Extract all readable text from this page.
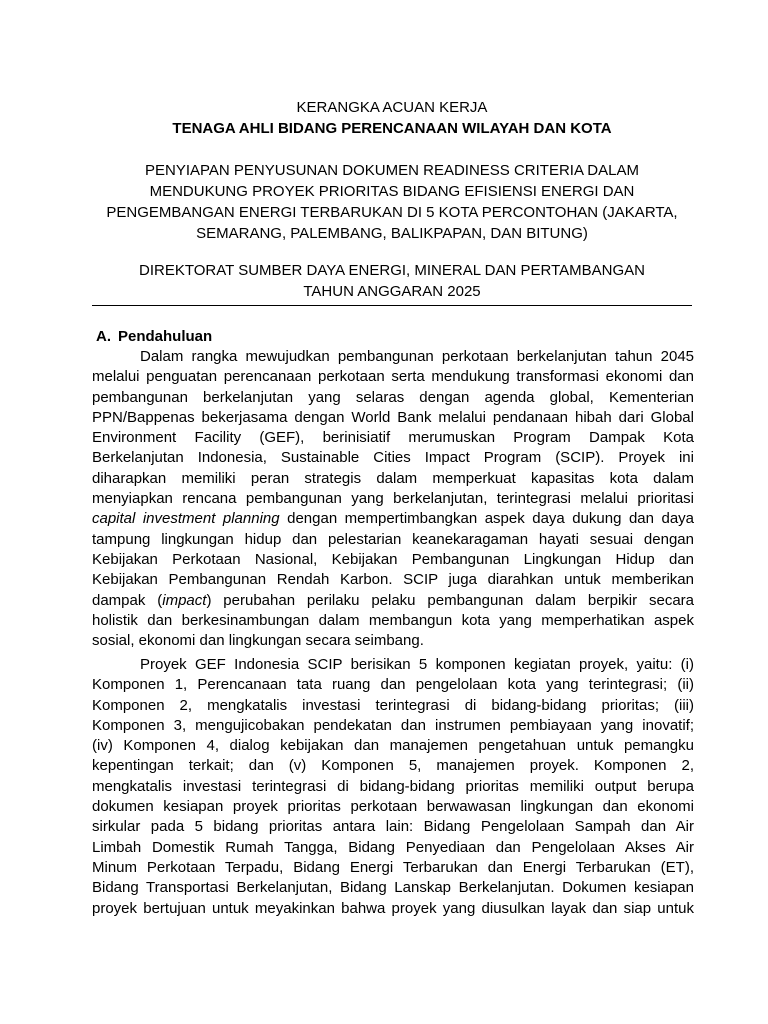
KERANGKA ACUAN KERJA
TENAGA AHLI BIDANG PERENCANAAN WILAYAH DAN KOTA
PENYIAPAN PENYUSUNAN DOKUMEN READINESS CRITERIA DALAM
MENDUKUNG PROYEK PRIORITAS BIDANG EFISIENSI ENERGI DAN
PENGEMBANGAN ENERGI TERBARUKAN DI 5 KOTA PERCONTOHAN (JAKARTA,
SEMARANG, PALEMBANG, BALIKPAPAN, DAN BITUNG)
DIREKTORAT SUMBER DAYA ENERGI, MINERAL DAN PERTAMBANGAN
TAHUN ANGGARAN 2025
A. Pendahuluan
Dalam rangka mewujudkan pembangunan perkotaan berkelanjutan tahun 2045
melalui penguatan perencanaan perkotaan serta mendukung transformasi ekonomi dan
pembangunan berkelanjutan yang selaras dengan agenda global, Kementerian
PPN/Bappenas bekerjasama dengan World Bank melalui pendanaan hibah dari Global
Environment Facility (GEF), berinisiatif merumuskan Program Dampak Kota
Berkelanjutan Indonesia, Sustainable Cities Impact Program (SCIP). Proyek ini
diharapkan memiliki peran strategis dalam memperkuat kapasitas kota dalam
menyiapkan rencana pembangunan yang berkelanjutan, terintegrasi melalui prioritasi
capital investment planning dengan mempertimbangkan aspek daya dukung dan daya
tampung lingkungan hidup dan pelestarian keanekaragaman hayati sesuai dengan
Kebijakan Perkotaan Nasional, Kebijakan Pembangunan Lingkungan Hidup dan
Kebijakan Pembangunan Rendah Karbon. SCIP juga diarahkan untuk memberikan
dampak (impact) perubahan perilaku pelaku pembangunan dalam berpikir secara
holistik dan berkesinambungan dalam membangun kota yang memperhatikan aspek
sosial, ekonomi dan lingkungan secara seimbang.
Proyek GEF Indonesia SCIP berisikan 5 komponen kegiatan proyek, yaitu: (i)
Komponen 1, Perencanaan tata ruang dan pengelolaan kota yang terintegrasi; (ii)
Komponen 2, mengkatalis investasi terintegrasi di bidang-bidang prioritas; (iii)
Komponen 3, mengujicobakan pendekatan dan instrumen pembiayaan yang inovatif;
(iv) Komponen 4, dialog kebijakan dan manajemen pengetahuan untuk pemangku
kepentingan terkait; dan (v) Komponen 5, manajemen proyek. Komponen 2,
mengkatalis investasi terintegrasi di bidang-bidang prioritas memiliki output berupa
dokumen kesiapan proyek prioritas perkotaan berwawasan lingkungan dan ekonomi
sirkular pada 5 bidang prioritas antara lain: Bidang Pengelolaan Sampah dan Air
Limbah Domestik Rumah Tangga, Bidang Penyediaan dan Pengelolaan Akses Air
Minum Perkotaan Terpadu, Bidang Energi Terbarukan dan Energi Terbarukan (ET),
Bidang Transportasi Berkelanjutan, Bidang Lanskap Berkelanjutan. Dokumen kesiapan
proyek bertujuan untuk meyakinkan bahwa proyek yang diusulkan layak dan siap untuk
